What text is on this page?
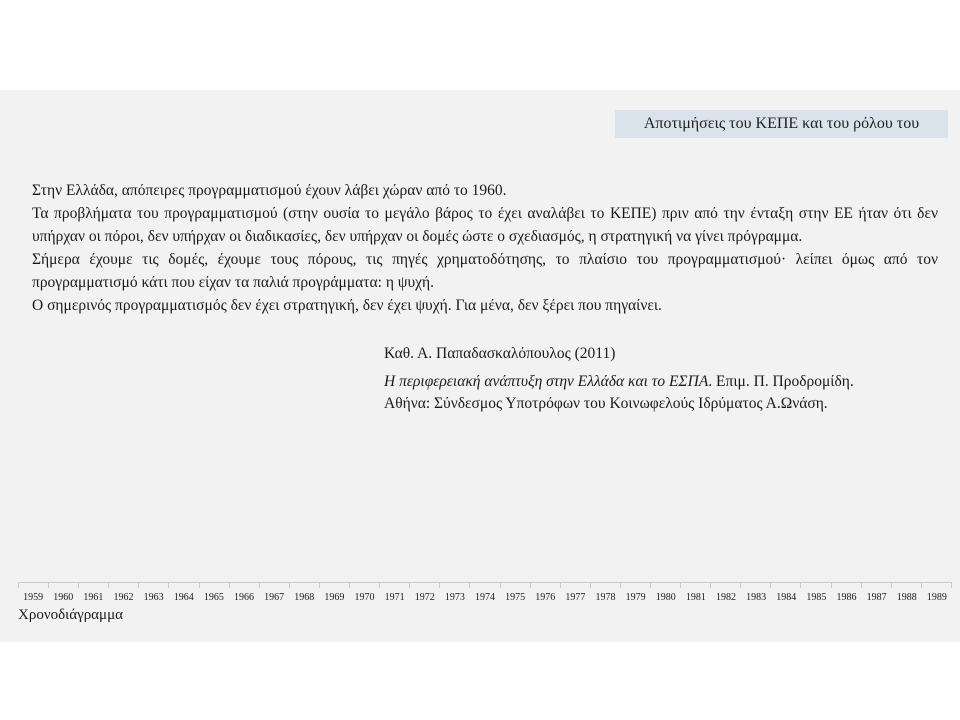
Αποτιμήσεις του ΚΕΠΕ και του ρόλου του

Στην Ελλάδα, απόπειρες προγραμματισμού έχουν λάβει χώραν από το 1960.

Τα προβλήματα του προγραμματισμού (στην ουσία το μεγάλο βάρος το έχει αναλάβει το ΚΕΠΕ) πριν από την ένταξη στην ΕΕ ήταν ότι δεν υπήρχαν οι πόροι, δεν υπήρχαν οι διαδικασίες, δεν υπήρχαν οι δομές ώστε ο σχεδιασμός, η στρατηγική να γίνει πρόγραμμα.

Σήμερα έχουμε τις δομές, έχουμε τους πόρους, τις πηγές χρηματοδότησης, το πλαίσιο του προγραμματισμού· λείπει όμως από τον προγραμματισμό κάτι που είχαν τα παλιά προγράμματα: η ψυχή.

Ο σημερινός προγραμματισμός δεν έχει στρατηγική, δεν έχει ψυχή. Για μένα, δεν ξέρει που πηγαίνει.

Καθ. Α. Παπαδασκαλόπουλος (2011)

Η περιφερειακή ανάπτυξη στην Ελλάδα και το ΕΣΠΑ. Επιμ. Π. Προδρομίδη.

Αθήνα: Σύνδεσμος Υποτρόφων του Κοινωφελούς Ιδρύματος Α.Ωνάση.

1959	1960	1961	1962	1963	1964	1965	1966	1967	1968	1969	1970	1971	1972	1973	1974	1975	1976	1977	1978	1979	1980	1981	1982	1983	1984	1985	1986	1987	1988	1989
Χρονοδιάγραμμα
